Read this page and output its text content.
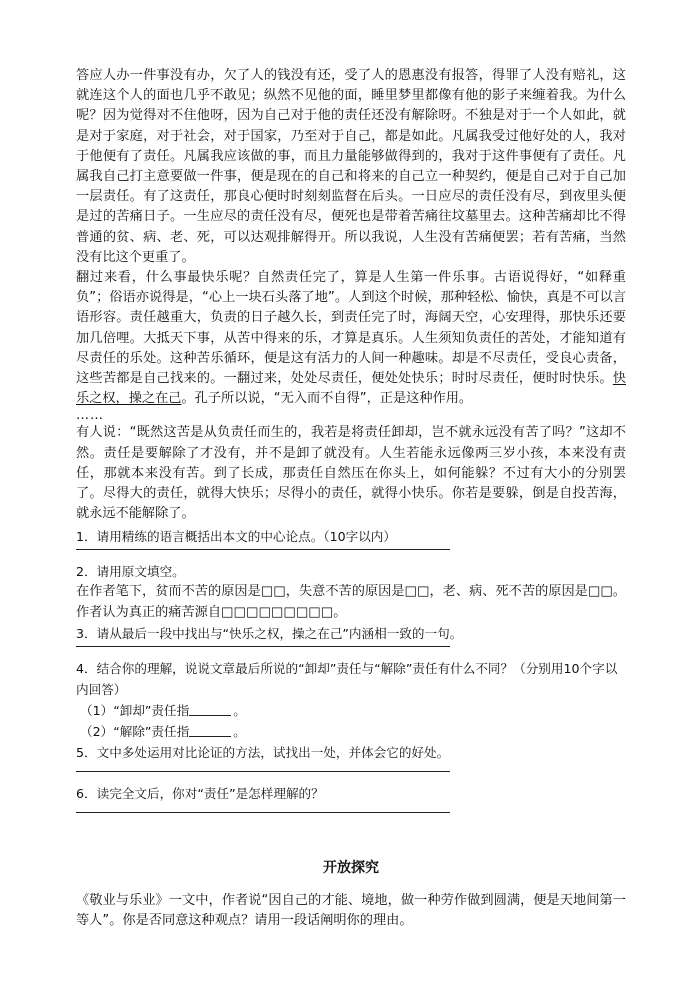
答应人办一件事没有办，欠了人的钱没有还，受了人的恩惠没有报答，得罪了人没有赔礼，这就连这个人的面也几乎不敢见；纵然不见他的面，睡里梦里都像有他的影子来缠着我。为什么呢？因为觉得对不住他呀，因为自己对于他的责任还没有解除呀。不独是对于一个人如此，就是对于家庭，对于社会，对于国家，乃至对于自己，都是如此。凡属我受过他好处的人，我对于他便有了责任。凡属我应该做的事，而且力量能够做得到的，我对于这件事便有了责任。凡属我自己打主意要做一件事，便是现在的自己和将来的自己立一种契约，便是自己对于自己加一层责任。有了这责任，那良心便时时刻刻监督在后头。一日应尽的责任没有尽，到夜里头便是过的苦痛日子。一生应尽的责任没有尽，便死也是带着苦痛往坟墓里去。这种苦痛却比不得普通的贫、病、老、死，可以达观排解得开。所以我说，人生没有苦痛便罢；若有苦痛，当然没有比这个更重了。

翻过来看，什么事最快乐呢？自然责任完了，算是人生第一件乐事。古语说得好，“如释重负”；俗语亦说得是，“心上一块石头落了地”。人到这个时候，那种轻松、愉快，真是不可以言语形容。责任越重大，负责的日子越久长，到责任完了时，海阔天空，心安理得，那快乐还要加几倍哩。大抵天下事，从苦中得来的乐，才算是真乐。人生须知负责任的苦处，才能知道有尽责任的乐处。这种苦乐循环，便是这有活力的人间一种趣味。却是不尽责任，受良心责备，这些苦都是自己找来的。一翻过来，处处尽责任，便处处快乐；时时尽责任，便时时快乐。快乐之权，操之在己。孔子所以说，“无入而不自得”，正是这种作用。

……

有人说：“既然这苦是从负责任而生的，我若是将责任卸却，岂不就永远没有苦了吗？”这却不然。责任是要解除了才没有，并不是卸了就没有。人生若能永远像两三岁小孩，本来没有责任，那就本来没有苦。到了长成，那责任自然压在你头上，如何能躲？不过有大小的分别罢了。尽得大的责任，就得大快乐；尽得小的责任，就得小快乐。你若是要躲，倒是自投苦海，就永远不能解除了。

1．请用精练的语言概括出本文的中心论点。（10字以内）

2．请用原文填空。

在作者笔下，贫而不苦的原因是□□，失意不苦的原因是□□，老、病、死不苦的原因是□□。作者认为真正的痛苦源自□□□□□□□□□。

3．请从最后一段中找出与“快乐之权，操之在己”内涵相一致的一句。

4．结合你的理解，说说文章最后所说的“卸却”责任与“解除”责任有什么不同？（分别用10个字以内回答）

（1）“卸却”责任指	。

（2）“解除”责任指	。

5．文中多处运用对比论证的方法，试找出一处，并体会它的好处。

6．读完全文后，你对“责任”是怎样理解的？

开放探究

《敬业与乐业》一文中，作者说“因自己的才能、境地，做一种劳作做到圆满，便是天地间第一等人”。你是否同意这种观点？请用一段话阐明你的理由。
